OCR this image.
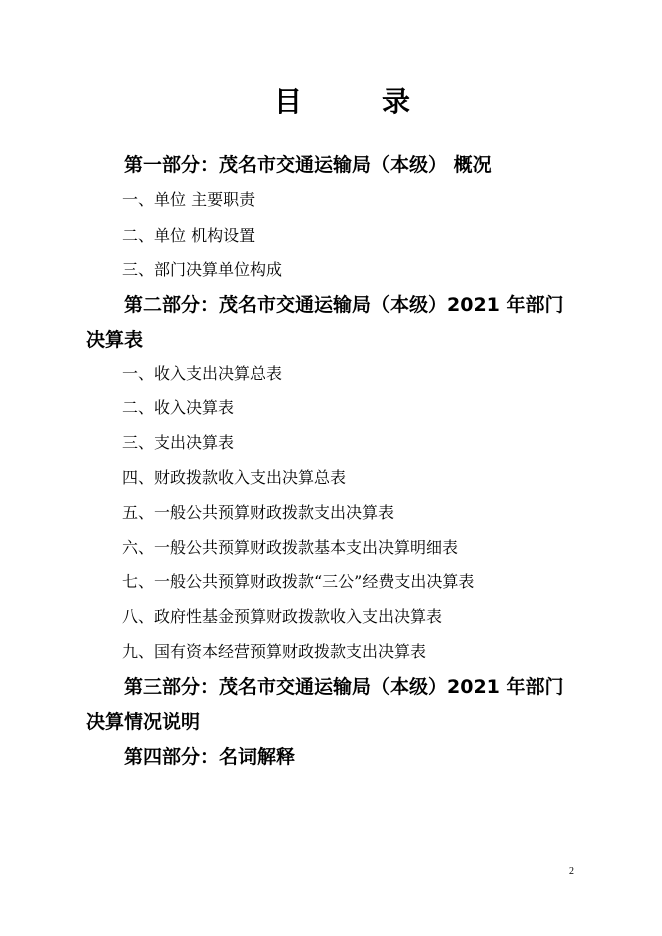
目	录
第一部分：茂名市交通运输局（本级） 概况
一、单位 主要职责
二、单位 机构设置
三、部门决算单位构成
第二部分：茂名市交通运输局（本级）2021 年部门
决算表
一、收入支出决算总表
二、收入决算表
三、支出决算表
四、财政拨款收入支出决算总表
五、一般公共预算财政拨款支出决算表
六、一般公共预算财政拨款基本支出决算明细表
七、一般公共预算财政拨款“三公”经费支出决算表
八、政府性基金预算财政拨款收入支出决算表
九、国有资本经营预算财政拨款支出决算表
第三部分：茂名市交通运输局（本级）2021 年部门
决算情况说明
第四部分：名词解释
2
